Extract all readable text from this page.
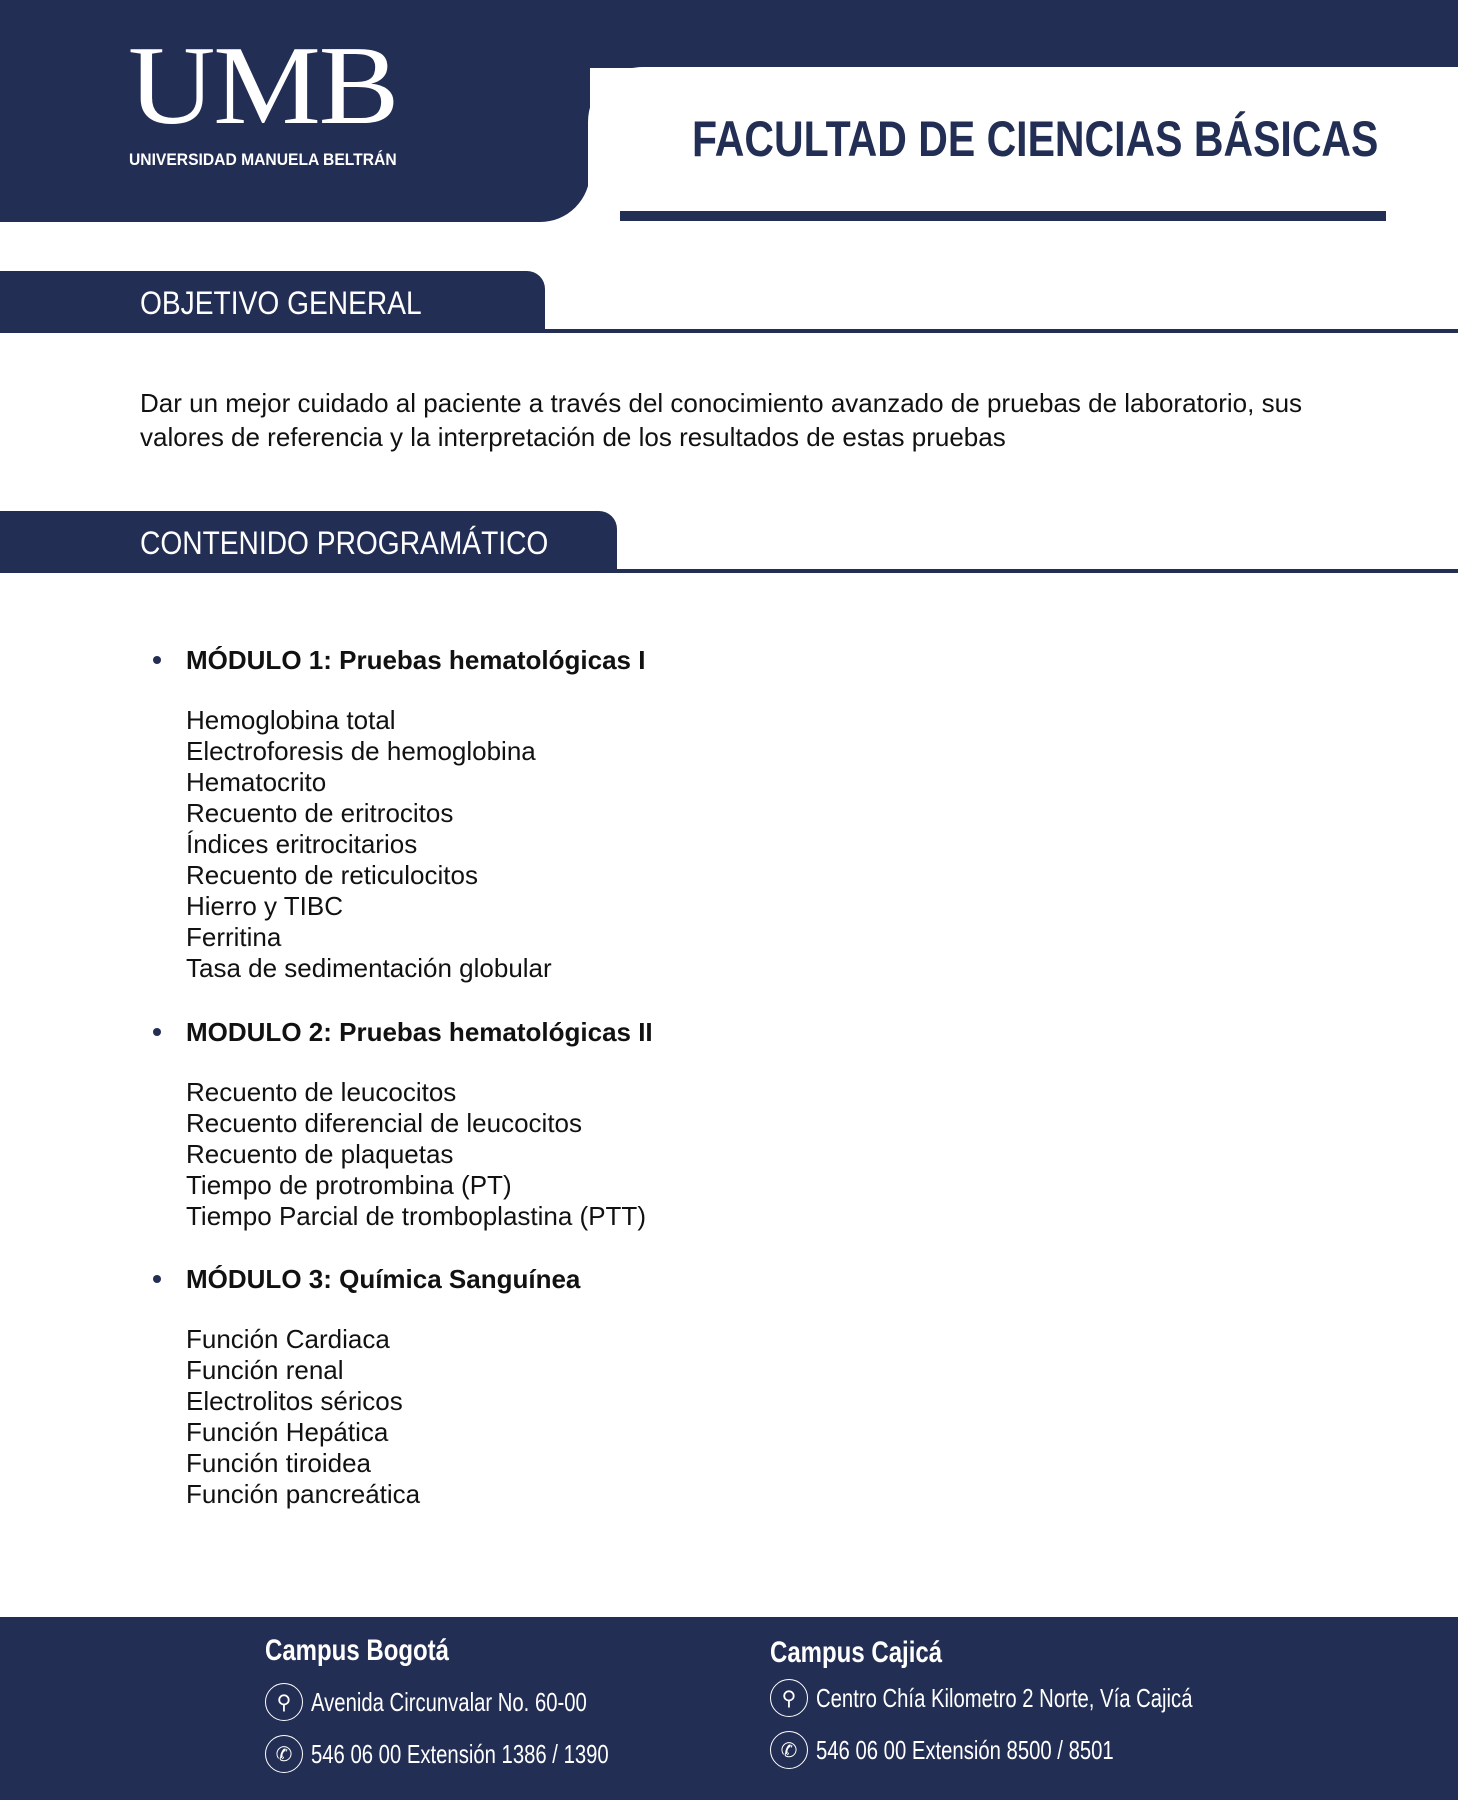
UMB
UNIVERSIDAD MANUELA BELTRÁN	FACULTAD DE CIENCIAS BÁSICAS
OBJETIVO GENERAL
Dar un mejor cuidado al paciente a través del conocimiento avanzado de pruebas de laboratorio, sus valores de referencia y la interpretación de los resultados de estas pruebas
CONTENIDO PROGRAMÁTICO
MÓDULO 1: Pruebas hematológicas I
Hemoglobina total
Electroforesis de hemoglobina
Hematocrito
Recuento de eritrocitos
Índices eritrocitarios
Recuento de reticulocitos
Hierro y TIBC
Ferritina
Tasa de sedimentación globular
MODULO 2: Pruebas hematológicas II
Recuento de leucocitos
Recuento diferencial de leucocitos
Recuento de plaquetas
Tiempo de protrombina (PT)
Tiempo Parcial de tromboplastina (PTT)
MÓDULO 3: Química Sanguínea
Función Cardiaca
Función renal
Electrolitos séricos
Función Hepática
Función tiroidea
Función pancreática
Campus Bogotá
⚲ Avenida Circunvalar No. 60-00
✆ 546 06 00 Extensión 1386 / 1390
Campus Cajicá
⚲ Centro Chía Kilometro 2 Norte, Vía Cajicá
✆ 546 06 00 Extensión 8500 / 8501
